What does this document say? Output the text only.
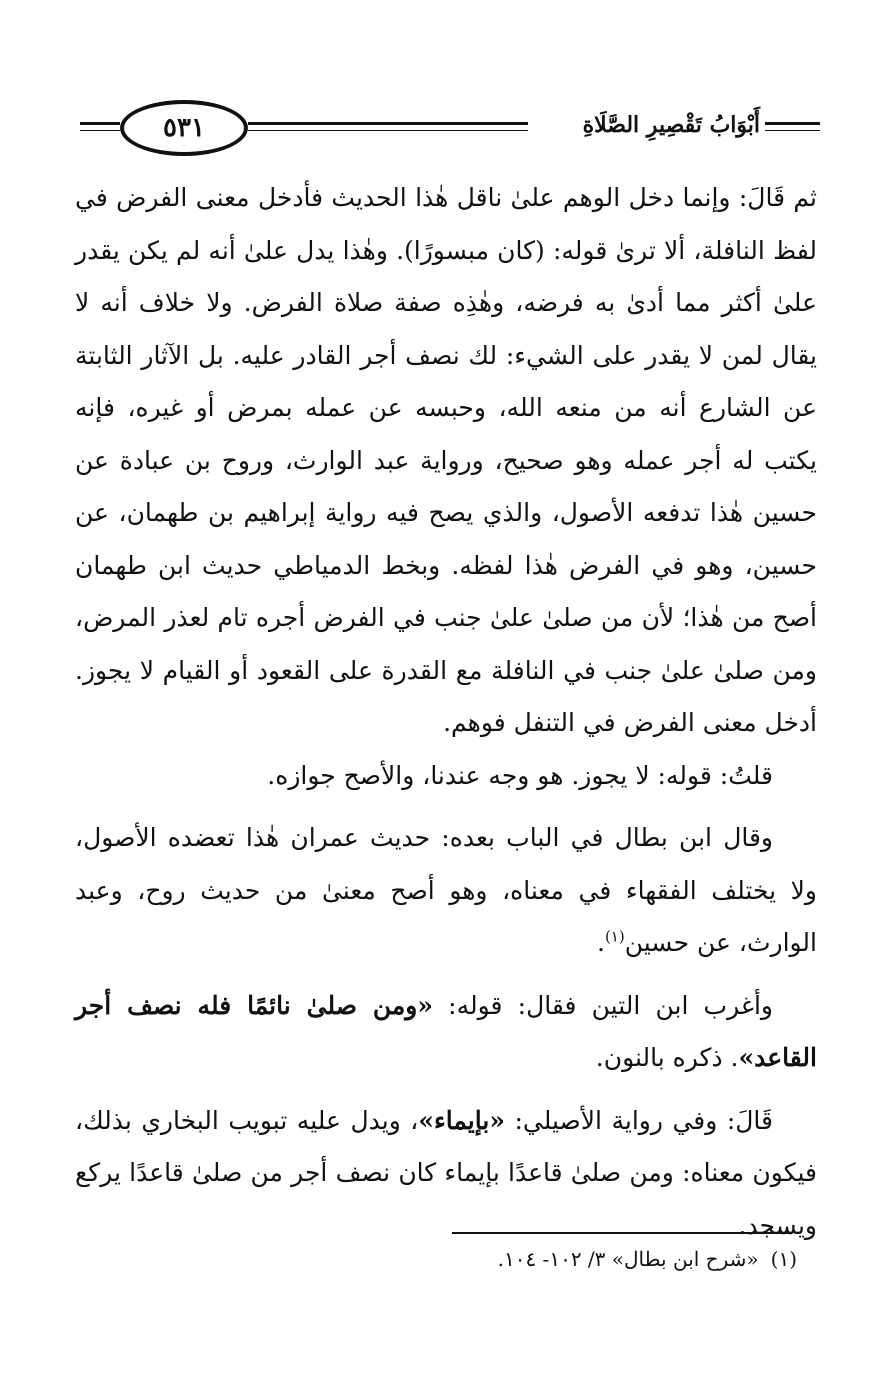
٥٣١	أَبْوَابُ تَقْصِيرِ الصَّلَاةِ

ثم قَالَ: وإنما دخل الوهم علىٰ ناقل هٰذا الحديث فأدخل معنى الفرض في لفظ النافلة، ألا ترىٰ قوله: (كان مبسورًا). وهٰذا يدل علىٰ أنه لم يكن يقدر علىٰ أكثر مما أدىٰ به فرضه، وهٰذِه صفة صلاة الفرض. ولا خلاف أنه لا يقال لمن لا يقدر على الشيء: لك نصف أجر القادر عليه. بل الآثار الثابتة عن الشارع أنه من منعه الله، وحبسه عن عمله بمرض أو غيره، فإنه يكتب له أجر عمله وهو صحيح، ورواية عبد الوارث، وروح بن عبادة عن حسين هٰذا تدفعه الأصول، والذي يصح فيه رواية إبراهيم بن طهمان، عن حسين، وهو في الفرض هٰذا لفظه. وبخط الدمياطي حديث ابن طهمان أصح من هٰذا؛ لأن من صلىٰ علىٰ جنب في الفرض أجره تام لعذر المرض، ومن صلىٰ علىٰ جنب في النافلة مع القدرة على القعود أو القيام لا يجوز. أدخل معنى الفرض في التنفل فوهم.

قلتُ: قوله: لا يجوز. هو وجه عندنا، والأصح جوازه.

وقال ابن بطال في الباب بعده: حديث عمران هٰذا تعضده الأصول، ولا يختلف الفقهاء في معناه، وهو أصح معنىٰ من حديث روح، وعبد الوارث، عن حسين$^{(١)}$.

وأغرب ابن التين فقال: قوله: «ومن صلىٰ نائمًا فله نصف أجر القاعد». ذكره بالنون.

قَالَ: وفي رواية الأصيلي: «بإيماء»، ويدل عليه تبويب البخاري بذلك، فيكون معناه: ومن صلىٰ قاعدًا بإيماء كان نصف أجر من صلىٰ قاعدًا يركع ويسجد.

(١)«شرح ابن بطال» ٣/ ١٠٢- ١٠٤.
